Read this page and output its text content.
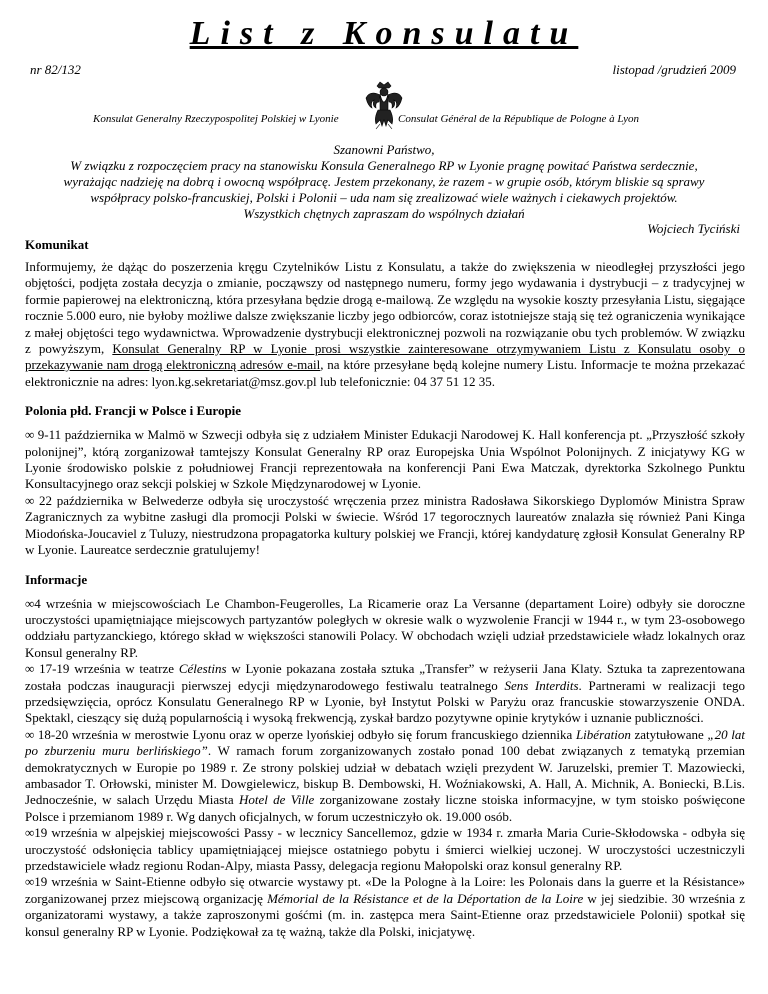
List z Konsulatu
nr 82/132	listopad /grudzień 2009
Konsulat Generalny Rzeczypospolitej Polskiej w Lyonie	Consulat Général de la République de Pologne à Lyon

Szanowni Państwo,

W związku z rozpoczęciem pracy na stanowisku Konsula Generalnego RP w Lyonie pragnę powitać Państwa serdecznie,

wyrażając nadzieję na dobrą i owocną współpracę. Jestem przekonany, że razem - w grupie osób, którym bliskie są sprawy

współpracy polsko-francuskiej, Polski i Polonii – uda nam się zrealizować wiele ważnych i ciekawych projektów.

Wszystkich chętnych zapraszam do wspólnych działań

Wojciech Tyciński
Komunikat

Informujemy, że dążąc do poszerzenia kręgu Czytelników Listu z Konsulatu, a także do zwiększenia w nieodległej przyszłości jego objętości, podjęta została decyzja o zmianie, począwszy od następnego numeru, formy jego wydawania i dystrybucji – z tradycyjnej w formie papierowej na elektroniczną, która przesyłana będzie drogą e-mailową. Ze względu na wysokie koszty przesyłania Listu, sięgające rocznie 5.000 euro, nie byłoby możliwe dalsze zwiększanie liczby jego odbiorców, coraz istotniejsze stają się też ograniczenia wynikające z małej objętości tego wydawnictwa. Wprowadzenie dystrybucji elektronicznej pozwoli na rozwiązanie obu tych problemów. W związku z powyższym, Konsulat Generalny RP w Lyonie prosi wszystkie zainteresowane otrzymywaniem Listu z Konsulatu osoby o przekazywanie nam drogą elektroniczną adresów e-mail, na które przesyłane będą kolejne numery Listu. Informacje te można przekazać elektronicznie na adres: lyon.kg.sekretariat@msz.gov.pl lub telefonicznie: 04 37 51 12 35.

Polonia płd. Francji w Polsce i Europie

∞ 9-11 października w Malmö w Szwecji odbyła się z udziałem Minister Edukacji Narodowej K. Hall konferencja pt. „Przyszłość szkoły polonijnej”, którą zorganizował tamtejszy Konsulat Generalny RP oraz Europejska Unia Wspólnot Polonijnych. Z inicjatywy KG w Lyonie środowisko polskie z południowej Francji reprezentowała na konferencji Pani Ewa Matczak, dyrektorka Szkolnego Punktu Konsultacyjnego oraz sekcji polskiej w Szkole Międzynarodowej w Lyonie.

∞ 22 października w Belwederze odbyła się uroczystość wręczenia przez ministra Radosława Sikorskiego Dyplomów Ministra Spraw Zagranicznych za wybitne zasługi dla promocji Polski w świecie. Wśród 17 tegorocznych laureatów znalazła się również Pani Kinga Miodońska-Joucaviel z Tuluzy, niestrudzona propagatorka kultury polskiej we Francji, której kandydaturę zgłosił Konsulat Generalny RP w Lyonie. Laureatce serdecznie gratulujemy!

Informacje

∞4 września w miejscowościach Le Chambon-Feugerolles, La Ricamerie oraz La Versanne (departament Loire) odbyły sie doroczne uroczystości upamiętniające miejscowych partyzantów poległych w okresie walk o wyzwolenie Francji w 1944 r., w tym 23-osobowego oddziału partyzanckiego, którego skład w większości stanowili Polacy. W obchodach wzięli udział przedstawiciele władz lokalnych oraz Konsul generalny RP.

∞ 17-19 września w teatrze Célestins w Lyonie pokazana została sztuka „Transfer” w reżyserii Jana Klaty. Sztuka ta zaprezentowana została podczas inauguracji pierwszej edycji międzynarodowego festiwalu teatralnego Sens Interdits. Partnerami w realizacji tego przedsięwzięcia, oprócz Konsulatu Generalnego RP w Lyonie, był Instytut Polski w Paryżu oraz francuskie stowarzyszenie ONDA. Spektakl, cieszący się dużą popularnością i wysoką frekwencją, zyskał bardzo pozytywne opinie krytyków i uznanie publiczności.

∞ 18-20 września w merostwie Lyonu oraz w operze lyońskiej odbyło się forum francuskiego dziennika Libération zatytułowane „20 lat po zburzeniu muru berlińskiego”. W ramach forum zorganizowanych zostało ponad 100 debat związanych z tematyką przemian demokratycznych w Europie po 1989 r. Ze strony polskiej udział w debatach wzięli prezydent W. Jaruzelski, premier T. Mazowiecki, ambasador T. Orłowski, minister M. Dowgielewicz, biskup B. Dembowski, H. Woźniakowski, A. Hall, A. Michnik, A. Boniecki, B.Lis. Jednocześnie, w salach Urzędu Miasta Hotel de Ville zorganizowane zostały liczne stoiska informacyjne, w tym stoisko poświęcone Polsce i przemianom 1989 r. Wg danych oficjalnych, w forum uczestniczyło ok. 19.000 osób.

∞19 września w alpejskiej miejscowości Passy - w lecznicy Sancellemoz, gdzie w 1934 r. zmarła Maria Curie-Skłodowska - odbyła się uroczystość odsłonięcia tablicy upamiętniającej miejsce ostatniego pobytu i śmierci wielkiej uczonej. W uroczystości uczestniczyli przedstawiciele władz regionu Rodan-Alpy, miasta Passy, delegacja regionu Małopolski oraz konsul generalny RP.

∞19 września w Saint-Etienne odbyło się otwarcie wystawy pt. «De la Pologne à la Loire: les Polonais dans la guerre et la Résistance» zorganizowanej przez miejscową organizację Mémorial de la Résistance et de la Déportation de la Loire w jej siedzibie. 30 września z organizatorami wystawy, a także zaproszonymi gośćmi (m. in. zastępca mera Saint-Etienne oraz przedstawiciele Polonii) spotkał się konsul generalny RP w Lyonie. Podziękował za tę ważną, także dla Polski, inicjatywę.
